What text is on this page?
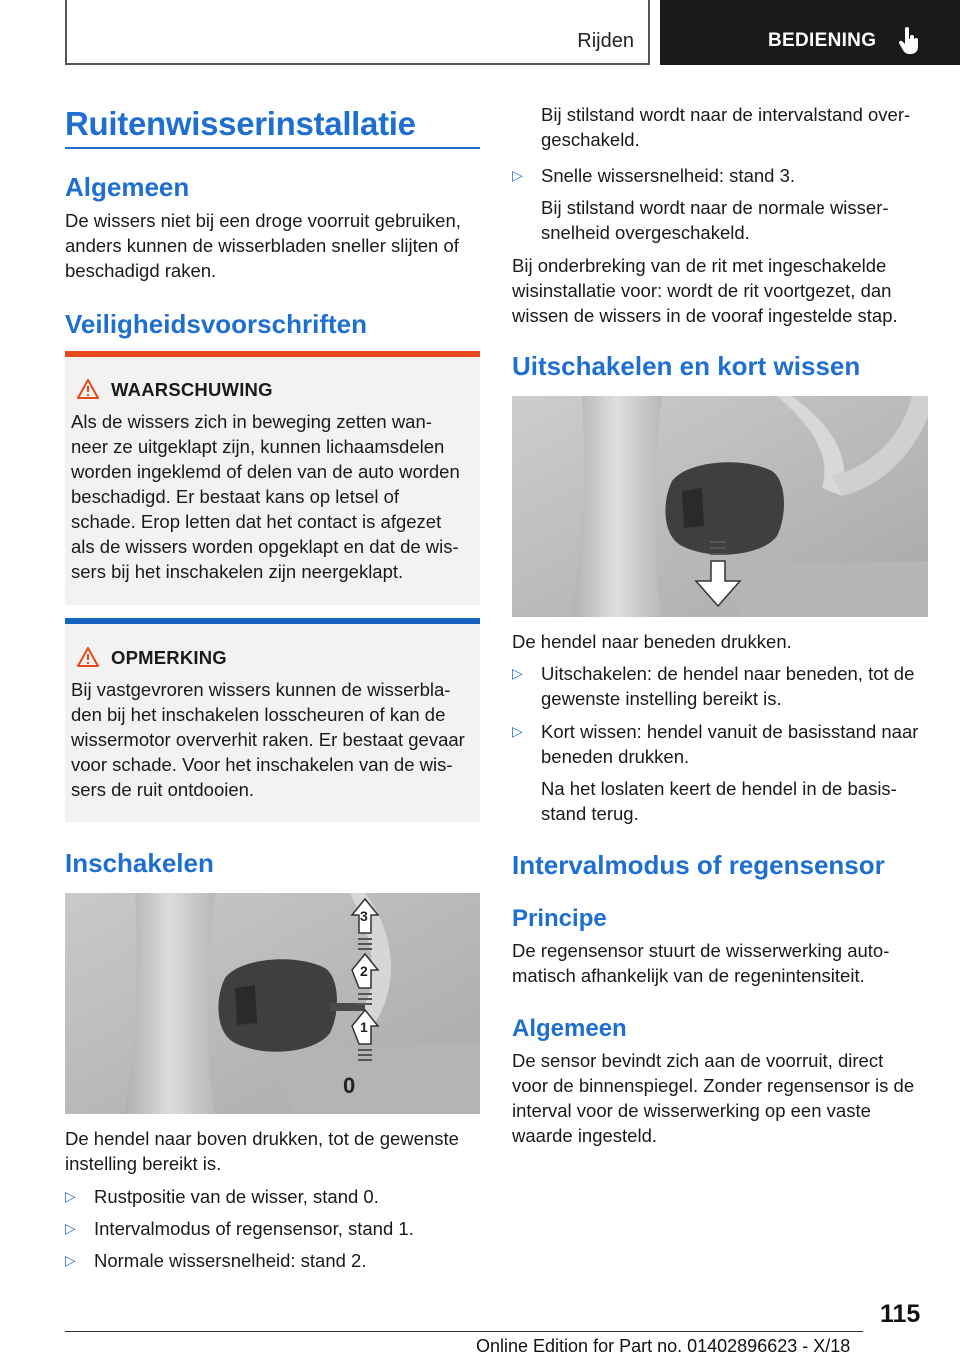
Rijden	BEDIENING
Ruitenwisserinstallatie
Algemeen
De wissers niet bij een droge voorruit gebruiken,
anders kunnen de wisserbladen sneller slijten of
beschadigd raken.
Veiligheidsvoorschriften
WAARSCHUWING
Als de wissers zich in beweging zetten wan-
neer ze uitgeklapt zijn, kunnen lichaamsdelen
worden ingeklemd of delen van de auto worden
beschadigd. Er bestaat kans op letsel of
schade. Erop letten dat het contact is afgezet
als de wissers worden opgeklapt en dat de wis-
sers bij het inschakelen zijn neergeklapt.
OPMERKING
Bij vastgevroren wissers kunnen de wisserbla-
den bij het inschakelen losscheuren of kan de
wissermotor oververhit raken. Er bestaat gevaar
voor schade. Voor het inschakelen van de wis-
sers de ruit ontdooien.
Inschakelen
3
2
1
0
De hendel naar boven drukken, tot de gewenste
instelling bereikt is.
▷ Rustpositie van de wisser, stand 0.
▷ Intervalmodus of regensensor, stand 1.
▷ Normale wissersnelheid: stand 2.
Bij stilstand wordt naar de intervalstand over-
geschakeld.
▷ Snelle wissersnelheid: stand 3.
Bij stilstand wordt naar de normale wisser-
snelheid overgeschakeld.
Bij onderbreking van de rit met ingeschakelde
wisinstallatie voor: wordt de rit voortgezet, dan
wissen de wissers in de vooraf ingestelde stap.
Uitschakelen en kort wissen
De hendel naar beneden drukken.
▷ Uitschakelen: de hendel naar beneden, tot de
gewenste instelling bereikt is.
▷ Kort wissen: hendel vanuit de basisstand naar
beneden drukken.
Na het loslaten keert de hendel in de basis-
stand terug.
Intervalmodus of regensensor
Principe
De regensensor stuurt de wisserwerking auto-
matisch afhankelijk van de regenintensiteit.
Algemeen
De sensor bevindt zich aan de voorruit, direct
voor de binnenspiegel. Zonder regensensor is de
interval voor de wisserwerking op een vaste
waarde ingesteld.
115
Online Edition for Part no. 01402896623 - X/18
